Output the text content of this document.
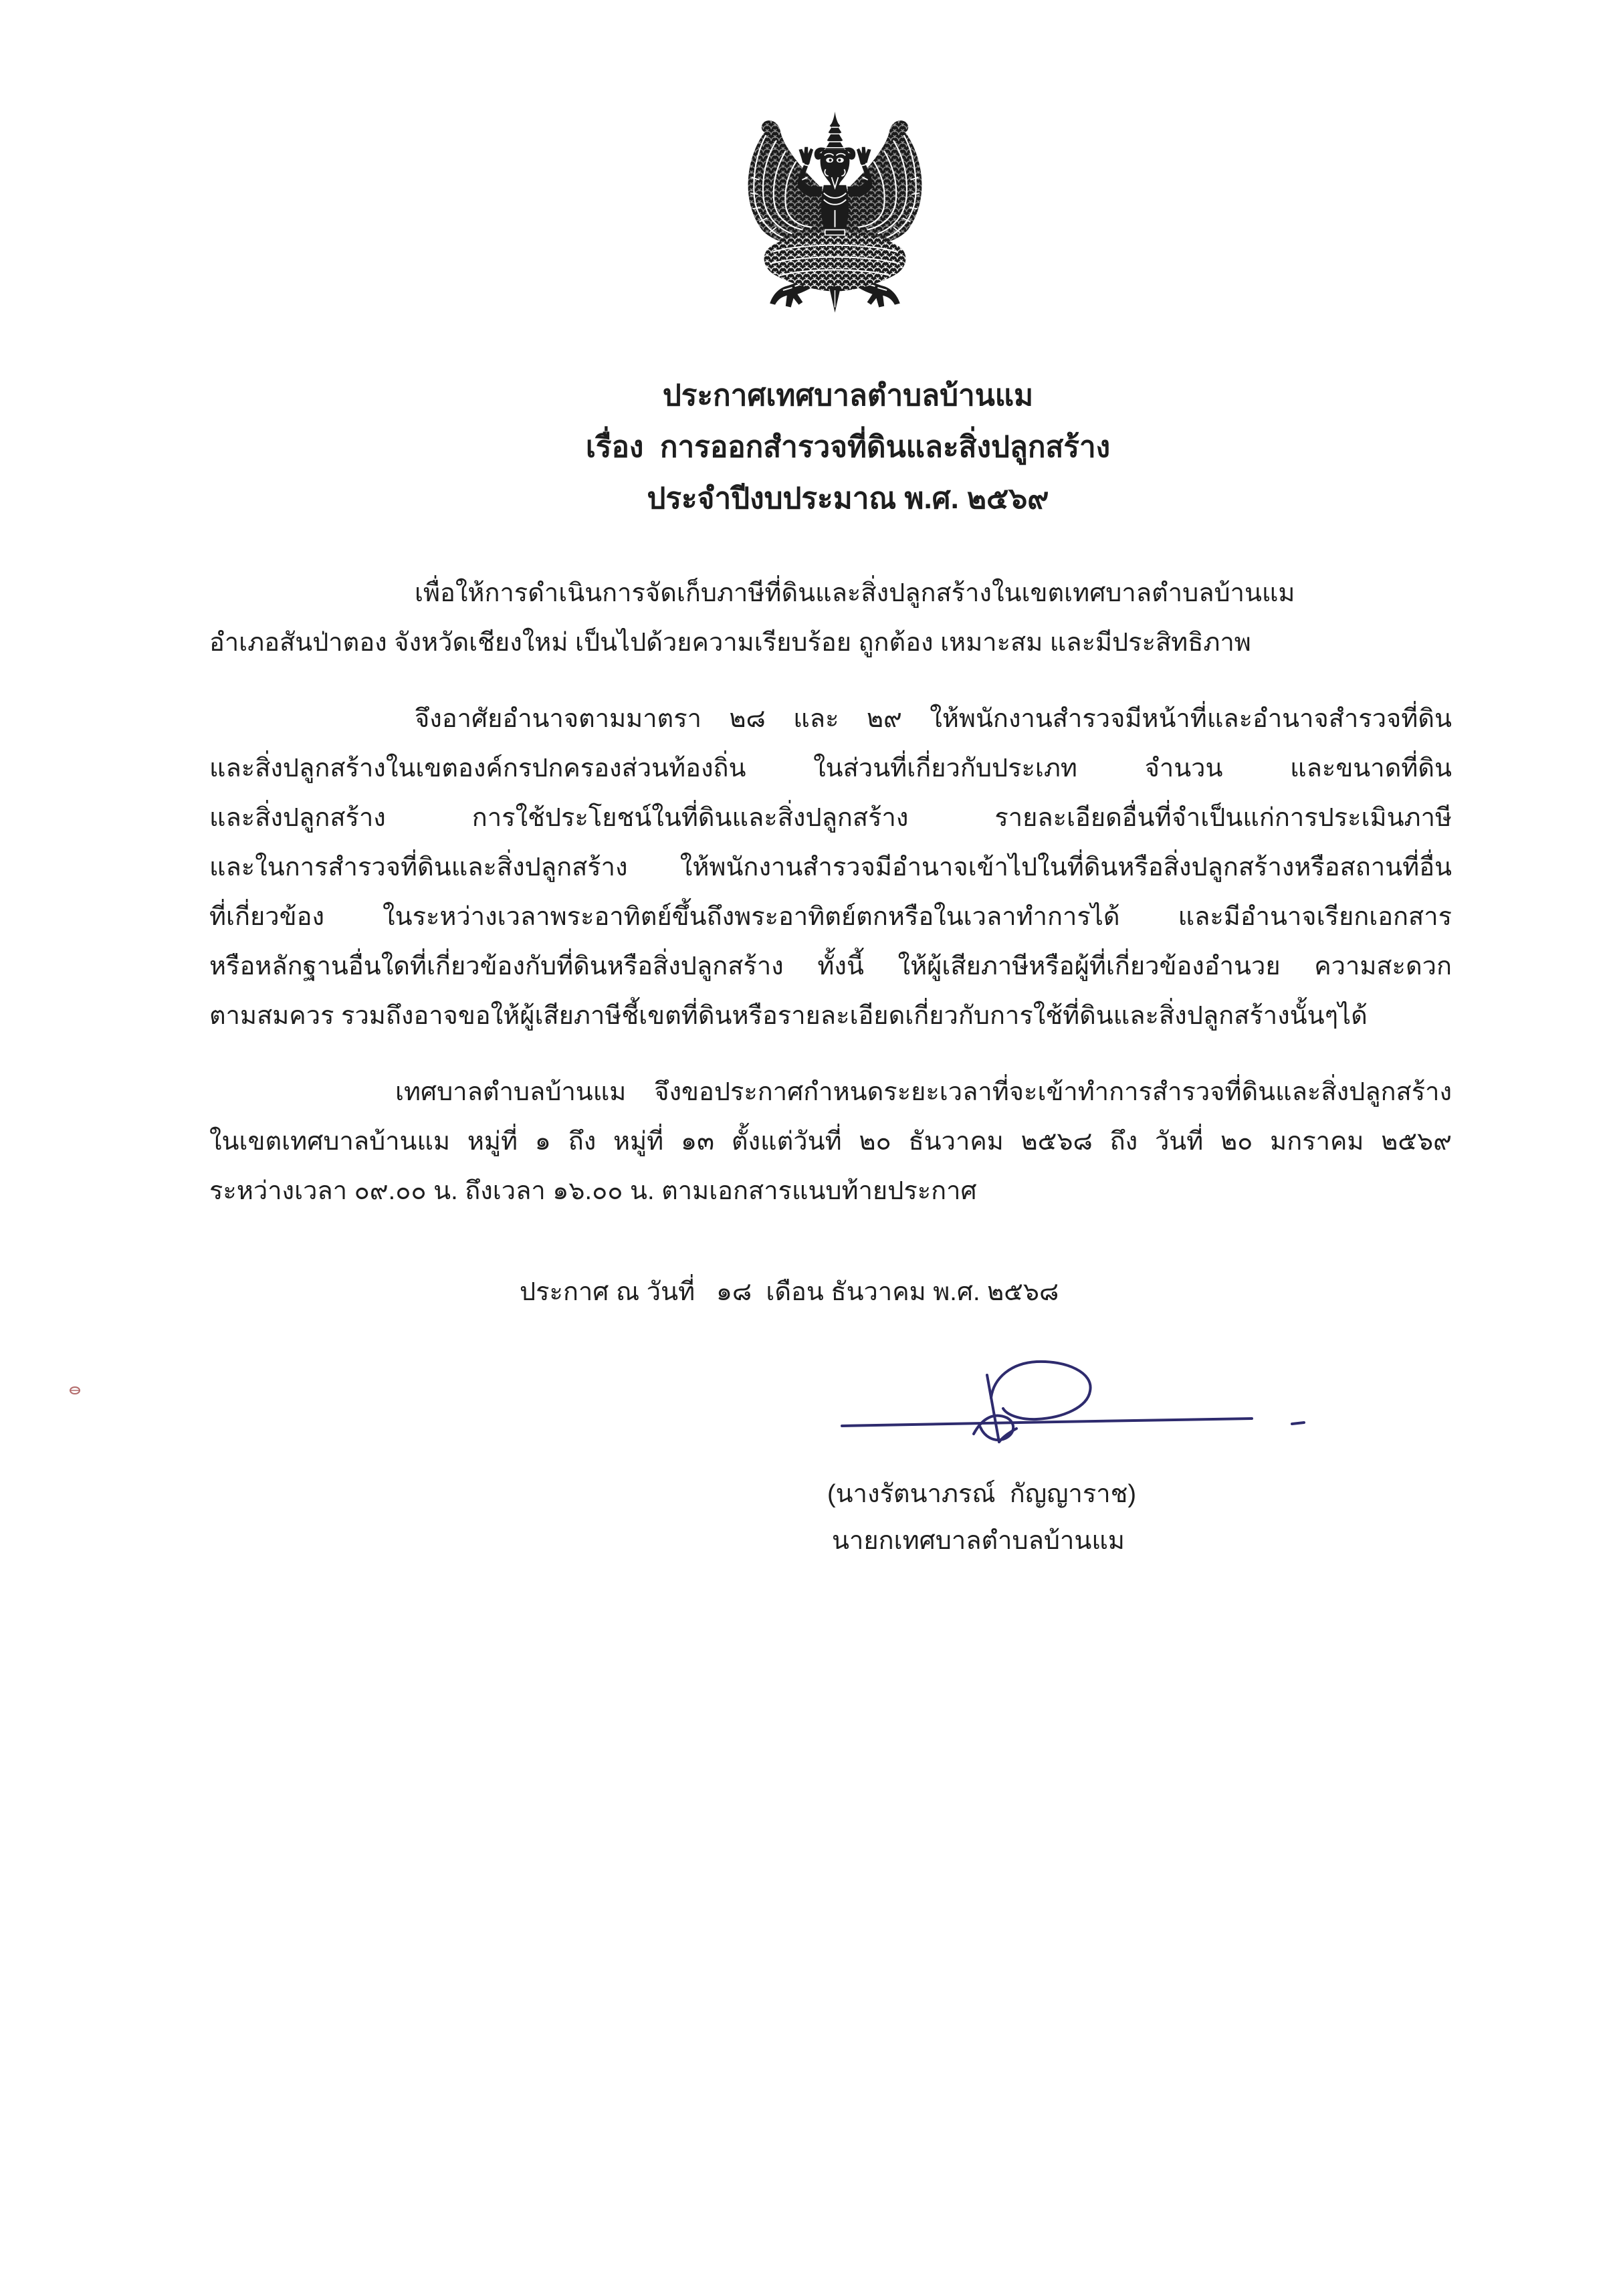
ประกาศเทศบาลตำบลบ้านแม
เรื่อง  การออกสำรวจที่ดินและสิ่งปลูกสร้าง
ประจำปีงบประมาณ พ.ศ. ๒๕๖๙
เพื่อให้การดำเนินการจัดเก็บภาษีที่ดินและสิ่งปลูกสร้างในเขตเทศบาลตำบลบ้านแม
อำเภอสันป่าตอง จังหวัดเชียงใหม่ เป็นไปด้วยความเรียบร้อย ถูกต้อง เหมาะสม และมีประสิทธิภาพ
จึงอาศัยอำนาจตามมาตรา ๒๘ และ ๒๙ ให้พนักงานสำรวจมีหน้าที่และอำนาจสำรวจที่ดิน
และสิ่งปลูกสร้างในเขตองค์กรปกครองส่วนท้องถิ่น ในส่วนที่เกี่ยวกับประเภท จำนวน และขนาดที่ดิน
และสิ่งปลูกสร้าง การใช้ประโยชน์ในที่ดินและสิ่งปลูกสร้าง รายละเอียดอื่นที่จำเป็นแก่การประเมินภาษี
และในการสำรวจที่ดินและสิ่งปลูกสร้าง ให้พนักงานสำรวจมีอำนาจเข้าไปในที่ดินหรือสิ่งปลูกสร้างหรือสถานที่อื่น
ที่เกี่ยวข้อง ในระหว่างเวลาพระอาทิตย์ขึ้นถึงพระอาทิตย์ตกหรือในเวลาทำการได้ และมีอำนาจเรียกเอกสาร
หรือหลักฐานอื่นใดที่เกี่ยวข้องกับที่ดินหรือสิ่งปลูกสร้าง ทั้งนี้ ให้ผู้เสียภาษีหรือผู้ที่เกี่ยวข้องอำนวย ความสะดวก
ตามสมควร รวมถึงอาจขอให้ผู้เสียภาษีชี้เขตที่ดินหรือรายละเอียดเกี่ยวกับการใช้ที่ดินและสิ่งปลูกสร้างนั้นๆได้
เทศบาลตำบลบ้านแม จึงขอประกาศกำหนดระยะเวลาที่จะเข้าทำการสำรวจที่ดินและสิ่งปลูกสร้าง
ในเขตเทศบาลบ้านแม หมู่ที่ ๑ ถึง หมู่ที่ ๑๓ ตั้งแต่วันที่ ๒๐ ธันวาคม ๒๕๖๘ ถึง วันที่ ๒๐ มกราคม ๒๕๖๙
ระหว่างเวลา ๐๙.๐๐ น. ถึงเวลา ๑๖.๐๐ น. ตามเอกสารแนบท้ายประกาศ
ประกาศ ณ วันที่   ๑๘  เดือน ธันวาคม พ.ศ. ๒๕๖๘
(นางรัตนาภรณ์  กัญญาราช)
นายกเทศบาลตำบลบ้านแม
